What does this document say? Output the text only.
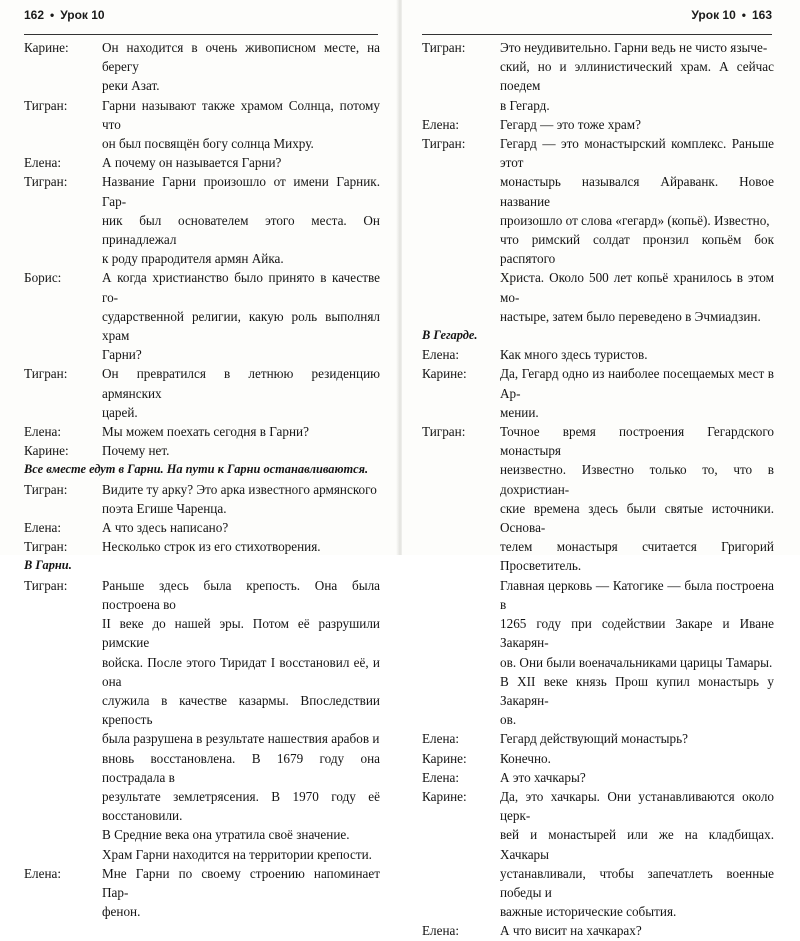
162 • Урок 10
Карине:	Он находится в очень живописном месте, на берегу
реки Азат.
Тигран:	Гарни называют также храмом Солнца, потому что
он был посвящён богу солнца Михру.
Елена:	А почему он называется Гарни?
Тигран:	Название Гарни произошло от имени Гарник. Гар-
ник был основателем этого места. Он принадлежал
к роду прародителя армян Айка.
Борис:	А когда христианство было принято в качестве го-
сударственной религии, какую роль выполнял храм
Гарни?
Тигран:	Он превратился в летнюю резиденцию армянских
царей.
Елена:	Мы можем поехать сегодня в Гарни?
Карине:	Почему нет.
Все вместе едут в Гарни. На пути к Гарни останавливаются.
Тигран:	Видите ту арку? Это арка известного армянского
поэта Егише Чаренца.
Елена:	А что здесь написано?
Тигран:	Несколько строк из его стихотворения.
В Гарни.
Тигран:	Раньше здесь была крепость. Она была построена во
II веке до нашей эры. Потом её разрушили римские
войска. После этого Тиридат I восстановил её, и она
служила в качестве казармы. Впоследствии крепость
была разрушена в результате нашествия арабов и
вновь восстановлена. В 1679 году она пострадала в
результате землетрясения. В 1970 году её восстановили.
В Средние века она утратила своё значение.
Храм Гарни находится на территории крепости.
Елена:	Мне Гарни по своему строению напоминает Пар-
фенон.
Урок 10 • 163
Тигран:	Это неудивительно. Гарни ведь не чисто языче-
ский, но и эллинистический храм. А сейчас поедем
в Гегард.
Елена:	Гегард — это тоже храм?
Тигран:	Гегард — это монастырский комплекс. Раньше этот
монастырь назывался Айраванк. Новое название
произошло от слова «гегард» (копьё). Известно,
что римский солдат пронзил копьём бок распятого
Христа. Около 500 лет копьё хранилось в этом мо-
настыре, затем было переведено в Эчмиадзин.
В Гегарде.
Елена:	Как много здесь туристов.
Карине:	Да, Гегард одно из наиболее посещаемых мест в Ар-
мении.
Тигран:	Точное время построения Гегардского монастыря
неизвестно. Известно только то, что в дохристиан-
ские времена здесь были святые источники. Основа-
телем монастыря считается Григорий Просветитель.
Главная церковь — Катогике — была построена в
1265 году при содействии Закаре и Иване Закарян-
ов. Они были военачальниками царицы Тамары.
В XII веке князь Прош купил монастырь у Закарян-
ов.
Елена:	Гегард действующий монастырь?
Карине:	Конечно.
Елена:	А это хачкары?
Карине:	Да, это хачкары. Они устанавливаются около церк-
вей и монастырей или же на кладбищах. Хачкары
устанавливали, чтобы запечатлеть военные победы и
важные исторические события.
Елена:	А что висит на хачкарах?
